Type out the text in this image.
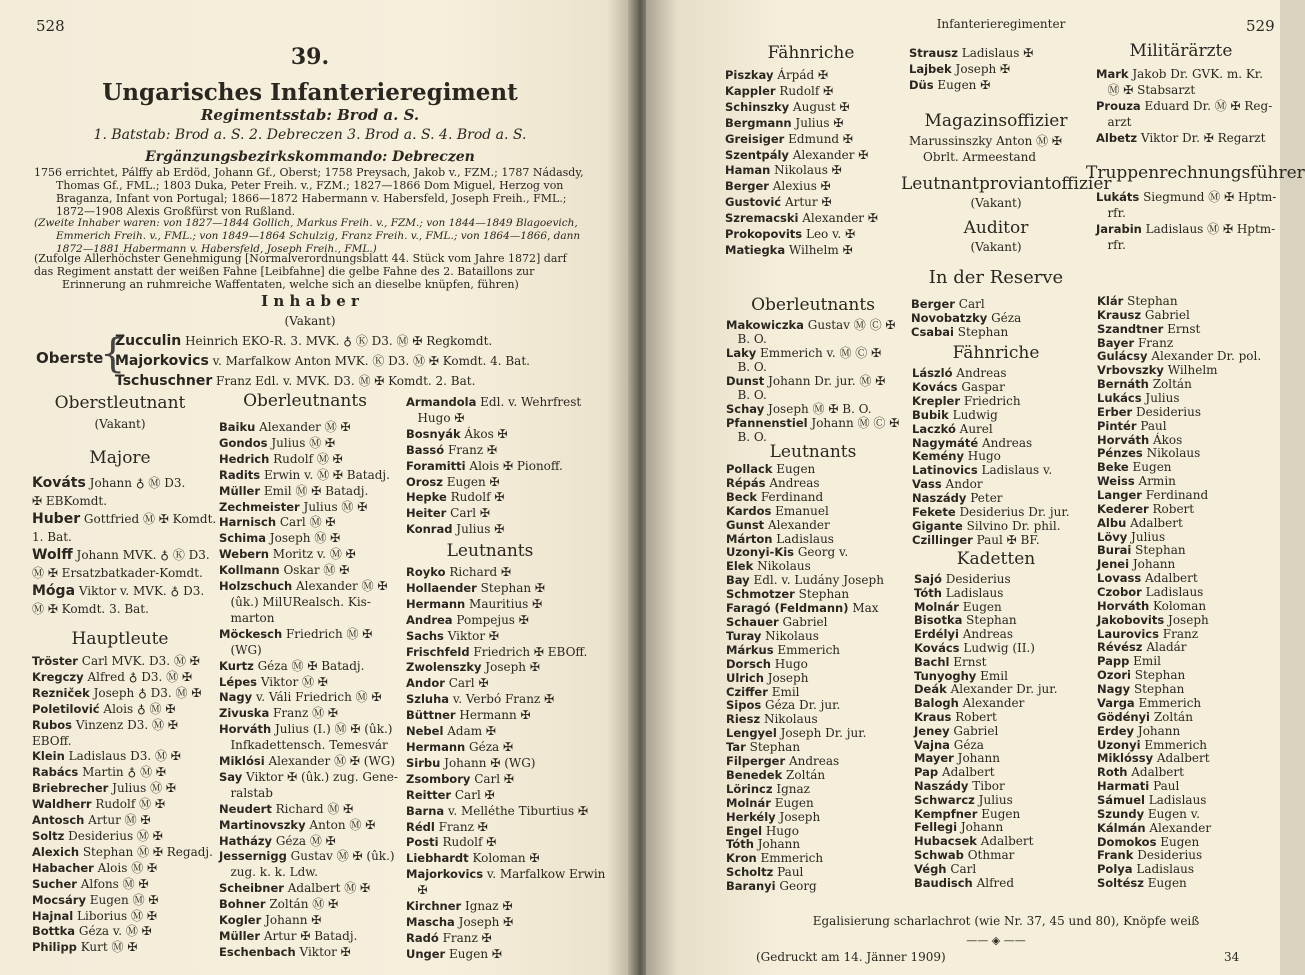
528
39.
Ungarisches Infanterieregiment
Regimentsstab: Brod a. S.
1. Batstab: Brod a. S. 2. Debreczen 3. Brod a. S. 4. Brod a. S.
Ergänzungsbezirkskommando: Debreczen
1756 errichtet, Pálffy ab Erdöd, Johann Gf., Oberst; 1758 Preysach, Jakob v., FZM.; 1787 Nádasdy,
Thomas Gf., FML.; 1803 Duka, Peter Freih. v., FZM.; 1827—1866 Dom Miguel, Herzog von
Braganza, Infant von Portugal; 1866—1872 Habermann v. Habersfeld, Joseph Freih., FML.;
1872—1908 Alexis Großfürst von Rußland.
(Zweite Inhaber waren: von 1827—1844 Gollich, Markus Freih. v., FZM.; von 1844—1849 Blagoevich,
Emmerich Freih. v., FML.; von 1849—1864 Schulzig, Franz Freih. v., FML.; von 1864—1866, dann
1872—1881 Habermann v. Habersfeld, Joseph Freih., FML.)
(Zufolge Allerhöchster Genehmigung [Normalverordnungsblatt 44. Stück vom Jahre 1872] darf
das Regiment anstatt der weißen Fahne [Leibfahne] die gelbe Fahne des 2. Bataillons zur
Erinnerung an ruhmreiche Waffentaten, welche sich an dieselbe knüpfen, führen)
I n h a b e r
(Vakant)
Oberste
{
Zucculin Heinrich EKO-R. 3. MVK. ♁ Ⓚ D3. Ⓜ ✠ Regkomdt.
Majorkovics v. Marfalkow Anton MVK. Ⓚ D3. Ⓜ ✠ Komdt. 4. Bat.
Tschuschner Franz Edl. v. MVK. D3. Ⓜ ✠ Komdt. 2. Bat.
Oberstleutnant
(Vakant)
Majore
Kováts Johann ♁ Ⓜ D3.
✠ EBKomdt.
Huber Gottfried Ⓜ ✠ Komdt.
1. Bat.
Wolff Johann MVK. ♁ Ⓚ D3.
Ⓜ ✠ Ersatzbatkader-Komdt.
Móga Viktor v. MVK. ♁ D3.
Ⓜ ✠ Komdt. 3. Bat.
Hauptleute
Tröster Carl MVK. D3. Ⓜ ✠
Kregczy Alfred ♁ D3. Ⓜ ✠
Rezniček Joseph ♁ D3. Ⓜ ✠
Poletilović Alois ♁ Ⓜ ✠
Rubos Vinzenz D3. Ⓜ ✠
EBOff.
Klein Ladislaus D3. Ⓜ ✠
Rabács Martin ♁ Ⓜ ✠
Briebrecher Julius Ⓜ ✠
Waldherr Rudolf Ⓜ ✠
Antosch Artur Ⓜ ✠
Soltz Desiderius Ⓜ ✠
Alexich Stephan Ⓜ ✠ Regadj.
Habacher Alois Ⓜ ✠
Sucher Alfons Ⓜ ✠
Mocsáry Eugen Ⓜ ✠
Hajnal Liborius Ⓜ ✠
Bottka Géza v. Ⓜ ✠
Philipp Kurt Ⓜ ✠
Oberleutnants
Baiku Alexander Ⓜ ✠
Gondos Julius Ⓜ ✠
Hedrich Rudolf Ⓜ ✠
Radits Erwin v. Ⓜ ✠ Batadj.
Müller Emil Ⓜ ✠ Batadj.
Zechmeister Julius Ⓜ ✠
Harnisch Carl Ⓜ ✠
Schima Joseph Ⓜ ✠
Webern Moritz v. Ⓜ ✠
Kollmann Oskar Ⓜ ✠
Holzschuch Alexander Ⓜ ✠
(ûk.) MilURealsch. Kis-
marton
Möckesch Friedrich Ⓜ ✠
(WG)
Kurtz Géza Ⓜ ✠ Batadj.
Lépes Viktor Ⓜ ✠
Nagy v. Váli Friedrich Ⓜ ✠
Zivuska Franz Ⓜ ✠
Horváth Julius (I.) Ⓜ ✠ (ûk.)
Infkadettensch. Temesvár
Miklósi Alexander Ⓜ ✠ (WG)
Say Viktor ✠ (ûk.) zug. Gene-
ralstab
Neudert Richard Ⓜ ✠
Martinovszky Anton Ⓜ ✠
Hatházy Géza Ⓜ ✠
Jessernigg Gustav Ⓜ ✠ (ûk.)
zug. k. k. Ldw.
Scheibner Adalbert Ⓜ ✠
Bohner Zoltán Ⓜ ✠
Kogler Johann ✠
Müller Artur ✠ Batadj.
Eschenbach Viktor ✠
Armandola Edl. v. Wehrfrest
Hugo ✠
Bosnyák Ákos ✠
Bassó Franz ✠
Foramitti Alois ✠ Pionoff.
Orosz Eugen ✠
Hepke Rudolf ✠
Heiter Carl ✠
Konrad Julius ✠
Leutnants
Royko Richard ✠
Hollaender Stephan ✠
Hermann Mauritius ✠
Andrea Pompejus ✠
Sachs Viktor ✠
Frischfeld Friedrich ✠ EBOff.
Zwolenszky Joseph ✠
Andor Carl ✠
Szluha v. Verbó Franz ✠
Büttner Hermann ✠
Nebel Adam ✠
Hermann Géza ✠
Sirbu Johann ✠ (WG)
Zsombory Carl ✠
Reitter Carl ✠
Barna v. Melléthe Tiburtius ✠
Rédl Franz ✠
Posti Rudolf ✠
Liebhardt Koloman ✠
Majorkovics v. Marfalkow Erwin
✠
Kirchner Ignaz ✠
Mascha Joseph ✠
Radó Franz ✠
Unger Eugen ✠
Infanterieregimenter	529
Fähnriche
Piszkay Árpád ✠
Kappler Rudolf ✠
Schinszky August ✠
Bergmann Julius ✠
Greisiger Edmund ✠
Szentpály Alexander ✠
Haman Nikolaus ✠
Berger Alexius ✠
Gustović Artur ✠
Szremacski Alexander ✠
Prokopovits Leo v. ✠
Matiegka Wilhelm ✠
Strausz Ladislaus ✠
Lajbek Joseph ✠
Düs Eugen ✠
Magazinsoffizier
Marussinszky Anton Ⓜ ✠
Obrlt. Armeestand
Leutnantproviantoffizier
(Vakant)
Auditor
(Vakant)
Militärärzte
Mark Jakob Dr. GVK. m. Kr.
Ⓜ ✠ Stabsarzt
Prouza Eduard Dr. Ⓜ ✠ Reg-
arzt
Albetz Viktor Dr. ✠ Regarzt
Truppenrechnungsführer
Lukáts Siegmund Ⓜ ✠ Hptm-
rfr.
Jarabin Ladislaus Ⓜ ✠ Hptm-
rfr.
In der Reserve
Oberleutnants
Makowiczka Gustav Ⓜ Ⓒ ✠
B. O.
Laky Emmerich v. Ⓜ Ⓒ ✠
B. O.
Dunst Johann Dr. jur. Ⓜ ✠
B. O.
Schay Joseph Ⓜ ✠ B. O.
Pfannenstiel Johann Ⓜ Ⓒ ✠
B. O.
Leutnants
Pollack Eugen
Répás Andreas
Beck Ferdinand
Kardos Emanuel
Gunst Alexander
Márton Ladislaus
Uzonyi-Kis Georg v.
Elek Nikolaus
Bay Edl. v. Ludány Joseph
Schmotzer Stephan
Faragó (Feldmann) Max
Schauer Gabriel
Turay Nikolaus
Márkus Emmerich
Dorsch Hugo
Ulrich Joseph
Cziffer Emil
Sipos Géza Dr. jur.
Riesz Nikolaus
Lengyel Joseph Dr. jur.
Tar Stephan
Filperger Andreas
Benedek Zoltán
Lörincz Ignaz
Molnár Eugen
Herkély Joseph
Engel Hugo
Tóth Johann
Kron Emmerich
Scholtz Paul
Baranyi Georg
Berger Carl
Novobatzky Géza
Csabai Stephan
Fähnriche
László Andreas
Kovács Gaspar
Krepler Friedrich
Bubik Ludwig
Laczkó Aurel
Nagymáté Andreas
Kemény Hugo
Latinovics Ladislaus v.
Vass Andor
Naszády Peter
Fekete Desiderius Dr. jur.
Gigante Silvino Dr. phil.
Czillinger Paul ✠ BF.
Kadetten
Sajó Desiderius
Tóth Ladislaus
Molnár Eugen
Bisotka Stephan
Erdélyi Andreas
Kovács Ludwig (II.)
Bachl Ernst
Tunyoghy Emil
Deák Alexander Dr. jur.
Balogh Alexander
Kraus Robert
Jeney Gabriel
Vajna Géza
Mayer Johann
Pap Adalbert
Naszády Tibor
Schwarcz Julius
Kempfner Eugen
Fellegi Johann
Hubacsek Adalbert
Schwab Othmar
Végh Carl
Baudisch Alfred
Klár Stephan
Krausz Gabriel
Szandtner Ernst
Bayer Franz
Gulácsy Alexander Dr. pol.
Vrbovszky Wilhelm
Bernáth Zoltán
Lukács Julius
Erber Desiderius
Pintér Paul
Horváth Ákos
Pénzes Nikolaus
Beke Eugen
Weiss Armin
Langer Ferdinand
Kederer Robert
Albu Adalbert
Lövy Julius
Burai Stephan
Jenei Johann
Lovass Adalbert
Czobor Ladislaus
Horváth Koloman
Jakobovits Joseph
Laurovics Franz
Révész Aladár
Papp Emil
Ozori Stephan
Nagy Stephan
Varga Emmerich
Gödényi Zoltán
Erdey Johann
Uzonyi Emmerich
Miklóssy Adalbert
Roth Adalbert
Harmati Paul
Sámuel Ladislaus
Szundy Eugen v.
Kálmán Alexander
Domokos Eugen
Frank Desiderius
Polya Ladislaus
Soltész Eugen
Egalisierung scharlachrot (wie Nr. 37, 45 und 80), Knöpfe weiß
—— ◈ ——
(Gedruckt am 14. Jänner 1909)	34
